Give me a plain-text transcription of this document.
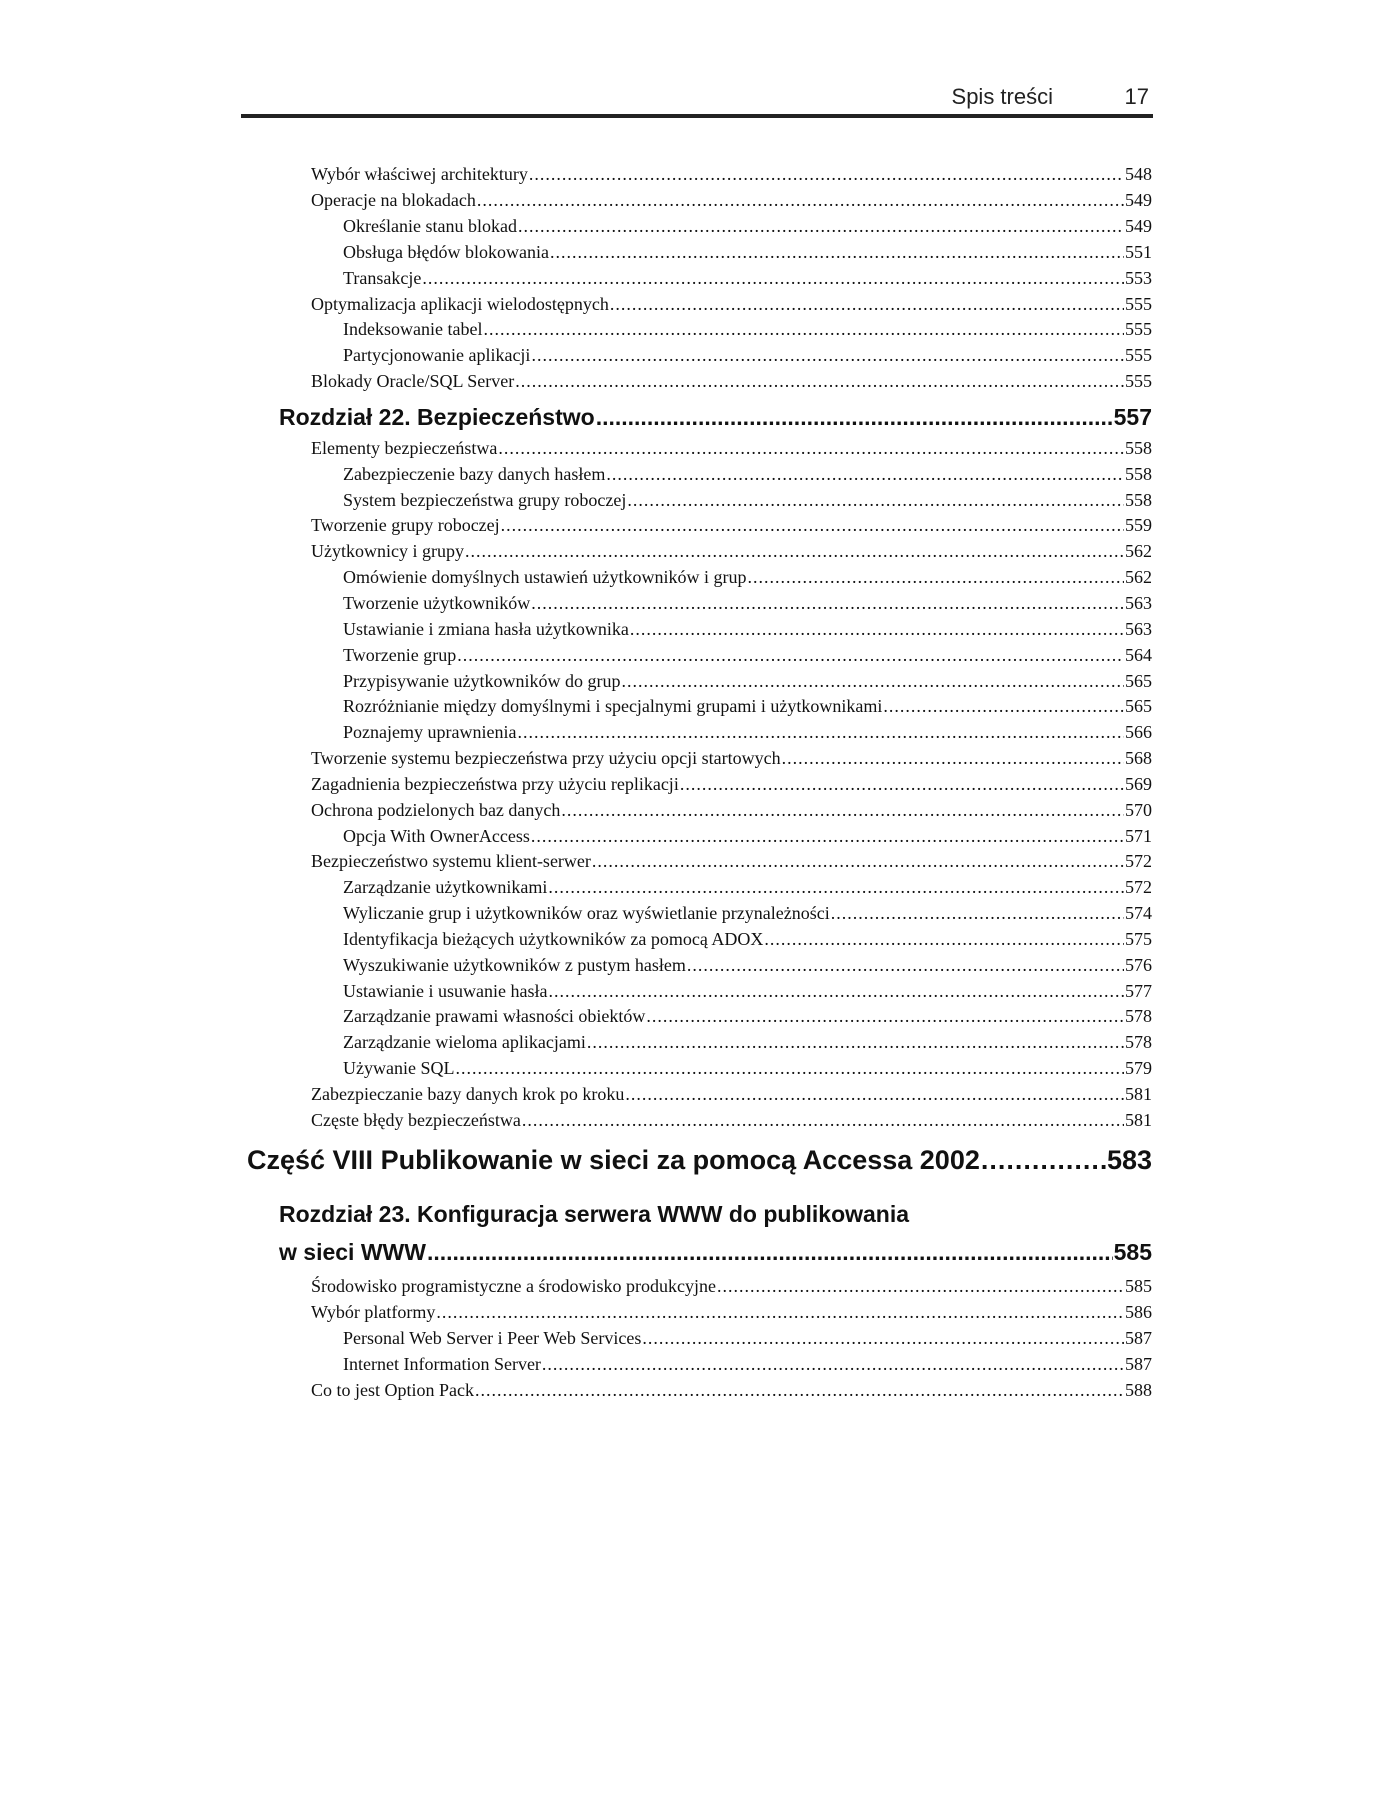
Spis treści	17
Wybór właściwej architektury .....	548
Operacje na blokadach .....	549
Określanie stanu blokad .....	549
Obsługa błędów blokowania .....	551
Transakcje .....	553
Optymalizacja aplikacji wielodostępnych .....	555
Indeksowanie tabel .....	555
Partycjonowanie aplikacji .....	555
Blokady Oracle/SQL Server .....	555
Rozdział 22. Bezpieczeństwo .....	557
Elementy bezpieczeństwa .....	558
Zabezpieczenie bazy danych hasłem .....	558
System bezpieczeństwa grupy roboczej .....	558
Tworzenie grupy roboczej .....	559
Użytkownicy i grupy .....	562
Omówienie domyślnych ustawień użytkowników i grup .....	562
Tworzenie użytkowników .....	563
Ustawianie i zmiana hasła użytkownika .....	563
Tworzenie grup .....	564
Przypisywanie użytkowników do grup .....	565
Rozróżnianie między domyślnymi i specjalnymi grupami i użytkownikami .....	565
Poznajemy uprawnienia .....	566
Tworzenie systemu bezpieczeństwa przy użyciu opcji startowych .....	568
Zagadnienia bezpieczeństwa przy użyciu replikacji .....	569
Ochrona podzielonych baz danych .....	570
Opcja With OwnerAccess .....	571
Bezpieczeństwo systemu klient-serwer .....	572
Zarządzanie użytkownikami .....	572
Wyliczanie grup i użytkowników oraz wyświetlanie przynależności .....	574
Identyfikacja bieżących użytkowników za pomocą ADOX .....	575
Wyszukiwanie użytkowników z pustym hasłem .....	576
Ustawianie i usuwanie hasła .....	577
Zarządzanie prawami własności obiektów .....	578
Zarządzanie wieloma aplikacjami .....	578
Używanie SQL .....	579
Zabezpieczanie bazy danych krok po kroku .....	581
Częste błędy bezpieczeństwa .....	581
Część VIII Publikowanie w sieci za pomocą Accessa 2002 .....	583
Rozdział 23. Konfiguracja serwera WWW do publikowania
w sieci WWW .....	585
Środowisko programistyczne a środowisko produkcyjne .....	585
Wybór platformy .....	586
Personal Web Server i Peer Web Services .....	587
Internet Information Server .....	587
Co to jest Option Pack .....	588
